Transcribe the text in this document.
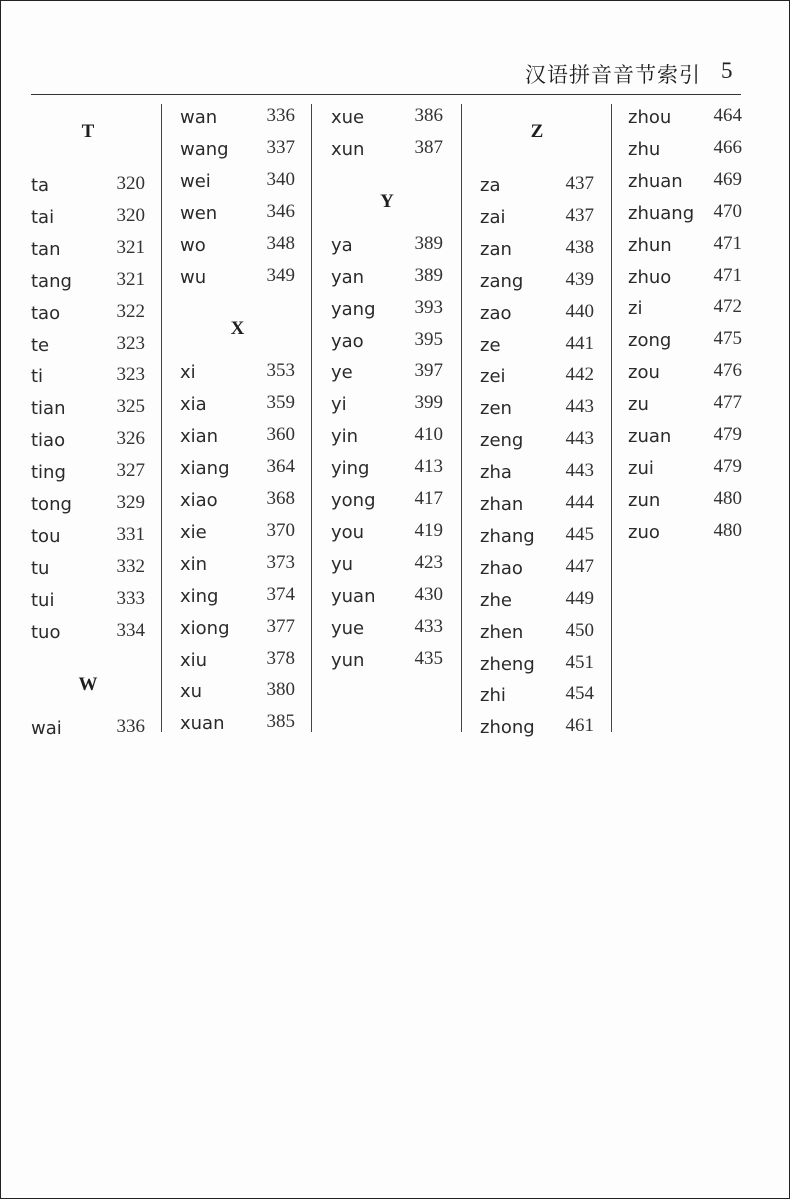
汉语拼音音节索引 5
T
ta	320
tai	320
tan	321
tang 321
tao	322
te	323
ti	323
tian	325
tiao	326
ting	327
tong 329
tou	331
tu	332
tui	333
tuo	334
W
wai	336
wan	336
wang 337
wei	340
wen	346
wo	348
wu	349
X
xi	353
xia	359
xian	360
xiang 364
xiao	368
xie	370
xin	373
xing	374
xiong 377
xiu	378
xu	380
xuan 385
xue	386
xun	387
Y
ya	389
yan	389
yang 393
yao	395
ye	397
yi	399
yin	410
ying 413
yong 417
you	419
yu	423
yuan 430
yue	433
yun	435
Z
za	437
zai	437
zan	438
zang 439
zao	440
ze	441
zei	442
zen	443
zeng 443
zha	443
zhan 444
zhang 445
zhao 447
zhe	449
zhen 450
zheng 451
zhi	454
zhong 461
zhou 464
zhu	466
zhuan 469
zhuang 470
zhun 471
zhuo 471
zi	472
zong 475
zou	476
zu	477
zuan 479
zui	479
zun	480
zuo	480
